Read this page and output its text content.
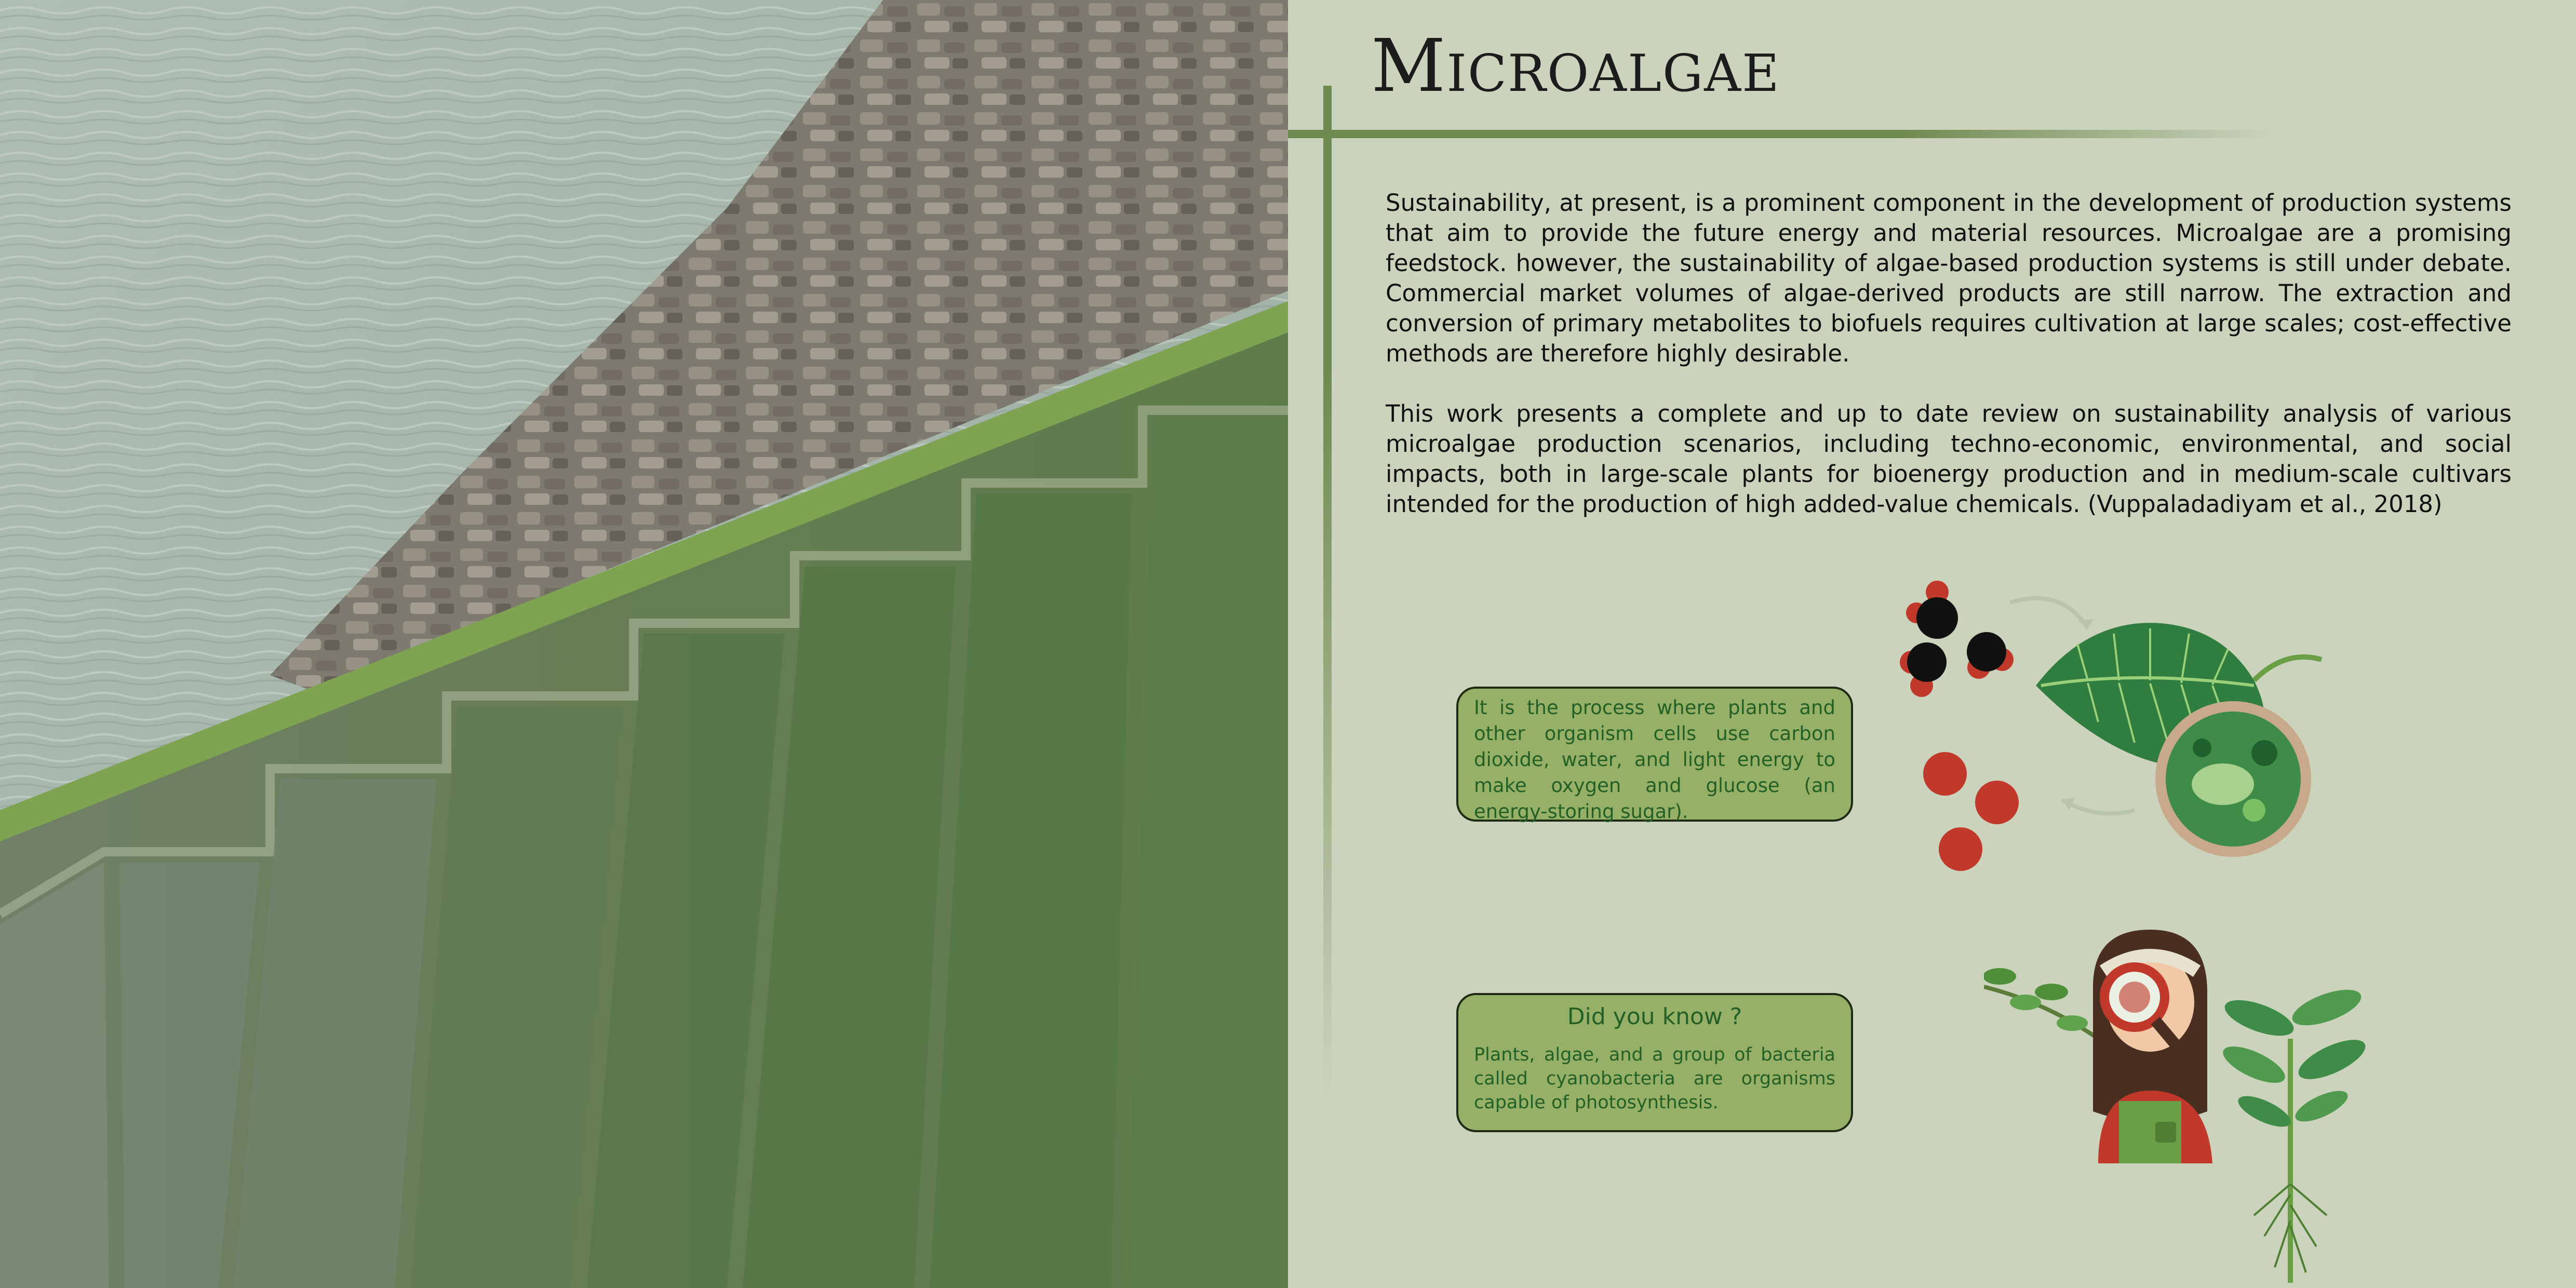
Microalgae

Sustainability, at present, is a prominent component in the development of production systems that aim to provide the future energy and material resources. Microalgae are a promising feedstock. however, the sustainability of algae-based production systems is still under debate. Commercial market volumes of algae-derived products are still narrow. The extraction and conversion of primary metabolites to biofuels requires cultivation at large scales; cost-effective methods are therefore highly desirable.

This work presents a complete and up to date review on sustainability analysis of various microalgae production scenarios, including techno-economic, environmental, and social impacts, both in large-scale plants for bioenergy production and in medium-scale cultivars intended for the production of high added-value chemicals. (Vuppaladadiyam et al., 2018)

It is the process where plants and other organism cells use carbon dioxide, water, and light energy to make oxygen and glucose (an energy-storing sugar).
Did you know ?
Plants, algae, and a group of bacteria called cyanobacteria are organisms capable of photosynthesis.
